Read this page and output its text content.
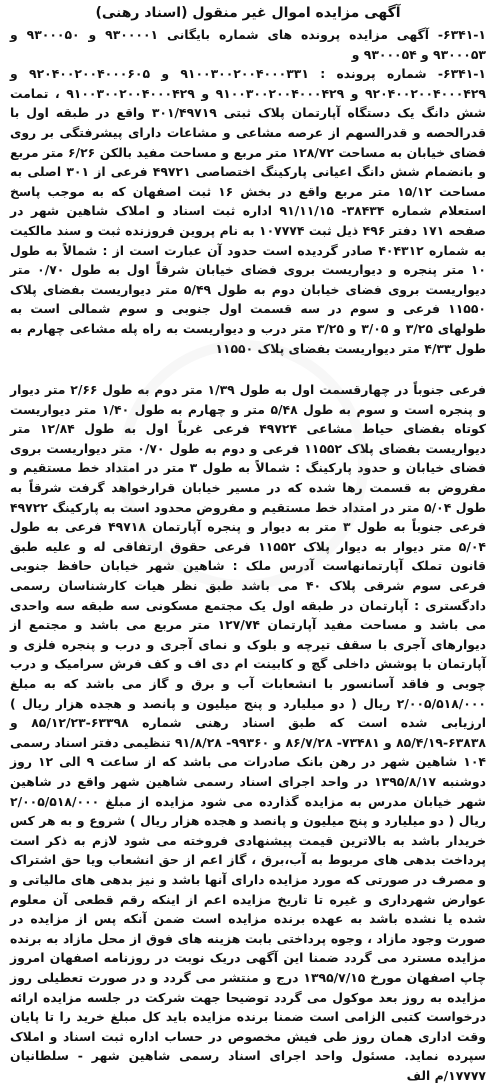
آگهی مزایده اموال غیر منقول (اسناد رهنی)

۶۳۴۱-۱- آگهی مزایده پرونده های شماره بایگانی ۹۳۰۰۰۰۱ و ۹۳۰۰۰۵۰ و ۹۳۰۰۰۵۳ و ۹۳۰۰۰۵۴ و

۶۳۴۱-۱- شماره پرونده : ۹۱۰۰۳۰۰۲۰۰۴۰۰۰۳۳۱ و ۹۲۰۴۰۰۲۰۰۴۰۰۰۶۰۵ و ۹۲۰۴۰۰۲۰۰۴۰۰۰۴۲۹ و ۹۱۰۰۳۰۰۲۰۰۴۰۰۰۴۲۹ و ۹۱۰۰۳۰۰۲۰۰۴۰۰۰۴۲۹ ، تمامت شش دانگ یک دستگاه آپارتمان پلاک ثبتی ۳۰۱/۴۹۷۱۹ واقع در طبقه اول با قدرالحصه و قدرالسهم از عرصه مشاعی و مشاعات دارای پیشرفتگی بر روی فضای خیابان به مساحت ۱۲۸/۷۲ متر مربع و مساحت مفید بالکن ۶/۲۶ متر مربع و بانضمام شش دانگ اعیانی پارکینگ اختصاصی ۴۹۷۲۱ فرعی از ۳۰۱ اصلی به مساحت ۱۵/۱۲ متر مربع واقع در بخش ۱۶ ثبت اصفهان که به موجب پاسخ استعلام شماره ۳۸۴۳۴- ۹۱/۱۱/۱۵ اداره ثبت اسناد و املاک شاهین شهر در صفحه ۱۷۱ دفتر ۴۹۶ ذیل ثبت ۱۰۷۷۷۴ به نام پروین فروزنده ثبت و سند مالکیت به شماره ۴۰۴۳۱۲ صادر گردیده است حدود آن عبارت است از : شمالاً به طول ۱۰ متر پنجره و دیواریست بروی فضای خیابان شرقاً اول به طول ۰/۷۰ متر دیواریست بروی فضای خیابان دوم به طول ۵/۴۹ متر دیواریست بفضای پلاک ۱۱۵۵۰ فرعی و سوم در سه قسمت اول جنوبی و سوم شمالی است به طولهای ۳/۲۵ و ۳/۰۵ و ۳/۲۵ متر درب و دیواریست به راه پله مشاعی چهارم به طول ۴/۳۳ متر دیواریست بفضای پلاک ۱۱۵۵۰

فرعی جنوباً در چهارقسمت اول به طول ۱/۳۹ متر دوم به طول ۲/۶۶ متر دیوار و پنجره است و سوم به طول ۵/۴۸ متر و چهارم به طول ۱/۴۰ متر دیواریست کوتاه بفضای حیاط مشاعی ۴۹۷۲۴ فرعی غرباً اول به طول ۱۲/۸۴ متر دیواریست بفضای پلاک ۱۱۵۵۲ فرعی و دوم به طول ۰/۷۰ متر دیواریست بروی فضای خیابان و حدود پارکینگ : شمالاً به طول ۳ متر در امتداد خط مستقیم و مفروض به قسمت رها شده که در مسیر خیابان قرارخواهد گرفت شرقاً به طول ۵/۰۴ متر در امتداد خط مستقیم و مفروض محدود است به پارکینگ ۴۹۷۲۲ فرعی جنوباً به طول ۳ متر به دیوار و پنجره آپارتمان ۴۹۷۱۸ فرعی به طول ۵/۰۴ متر دیوار به دیوار پلاک ۱۱۵۵۲ فرعی حقوق ارتفاقی له و علیه طبق قانون تملک آپارتمانهاست آدرس ملک : شاهین شهر خیابان حافظ جنوبی فرعی سوم شرقی پلاک ۴۰ می باشد طبق نظر هیات کارشناسان رسمی دادگستری : آپارتمان در طبقه اول یک مجتمع مسکونی سه طبقه سه واحدی می باشد و مساحت مفید آپارتمان ۱۲۷/۷۴ متر مربع می باشد و مجتمع از دیوارهای آجری با سقف تیرچه و بلوک و نمای آجری و درب و پنجره فلزی و آپارتمان با پوشش داخلی گچ و کابینت ام دی اف و کف فرش سرامیک و درب چوبی و فاقد آسانسور با انشعابات آب و برق و گاز می باشد که به مبلغ ۲/۰۰۵/۵۱۸/۰۰۰ ریال ( دو میلیارد و پنج میلیون و پانصد و هجده هزار ریال ) ارزیابی شده است که طبق اسناد رهنی شماره ۶۳۳۹۸-۸۵/۱۲/۲۳ و ۶۳۸۳۸-۸۵/۴/۱۹ و ۷۳۴۸۱- ۸۶/۷/۲۸ و ۹۹۳۶۰- ۹۱/۸/۲۸ تنظیمی دفتر اسناد رسمی ۱۰۴ شاهین شهر در رهن بانک صادرات می باشد که از ساعت ۹ الی ۱۲ روز دوشنبه ۱۳۹۵/۸/۱۷ در واحد اجرای اسناد رسمی شاهین شهر واقع در شاهین شهر خیابان مدرس به مزایده گذارده می شود مزایده از مبلغ ۲/۰۰۵/۵۱۸/۰۰۰ ریال ( دو میلیارد و پنج میلیون و پانصد و هجده هزار ریال ) شروع و به هر کس خریدار باشد به بالاترین قیمت پیشنهادی فروخته می شود لازم به ذکر است پرداخت بدهی های مربوط به آب،برق ، گاز اعم از حق انشعاب ویا حق اشتراک و مصرف در صورتی که مورد مزایده دارای آنها باشد و نیز بدهی های مالیاتی و عوارض شهرداری و غیره تا تاریخ مزایده اعم از اینکه رقم قطعی آن معلوم شده یا نشده باشد به عهده برنده مزایده است ضمن آنکه پس از مزایده در صورت وجود مازاد ، وجوه پرداختی بابت هزینه های فوق از محل مازاد به برنده مزایده مسترد می گردد ضمنا این آگهی دریک نوبت در روزنامه اصفهان امروز چاپ اصفهان مورخ ۱۳۹۵/۷/۱۵ درج و منتشر می گردد و در صورت تعطیلی روز مزایده به روز بعد موکول می گردد توضیحا جهت شرکت در جلسه مزایده ارائه درخواست کتبی الزامی است ضمنا برنده مزایده باید کل مبلغ خرید را تا پایان وقت اداری همان روز طی فیش مخصوص در حساب اداره ثبت اسناد و املاک سپرده نماید. مسئول واحد اجرای اسناد رسمی شاهین شهر - سلطانیان ۱۷۷۷۷/م الف
